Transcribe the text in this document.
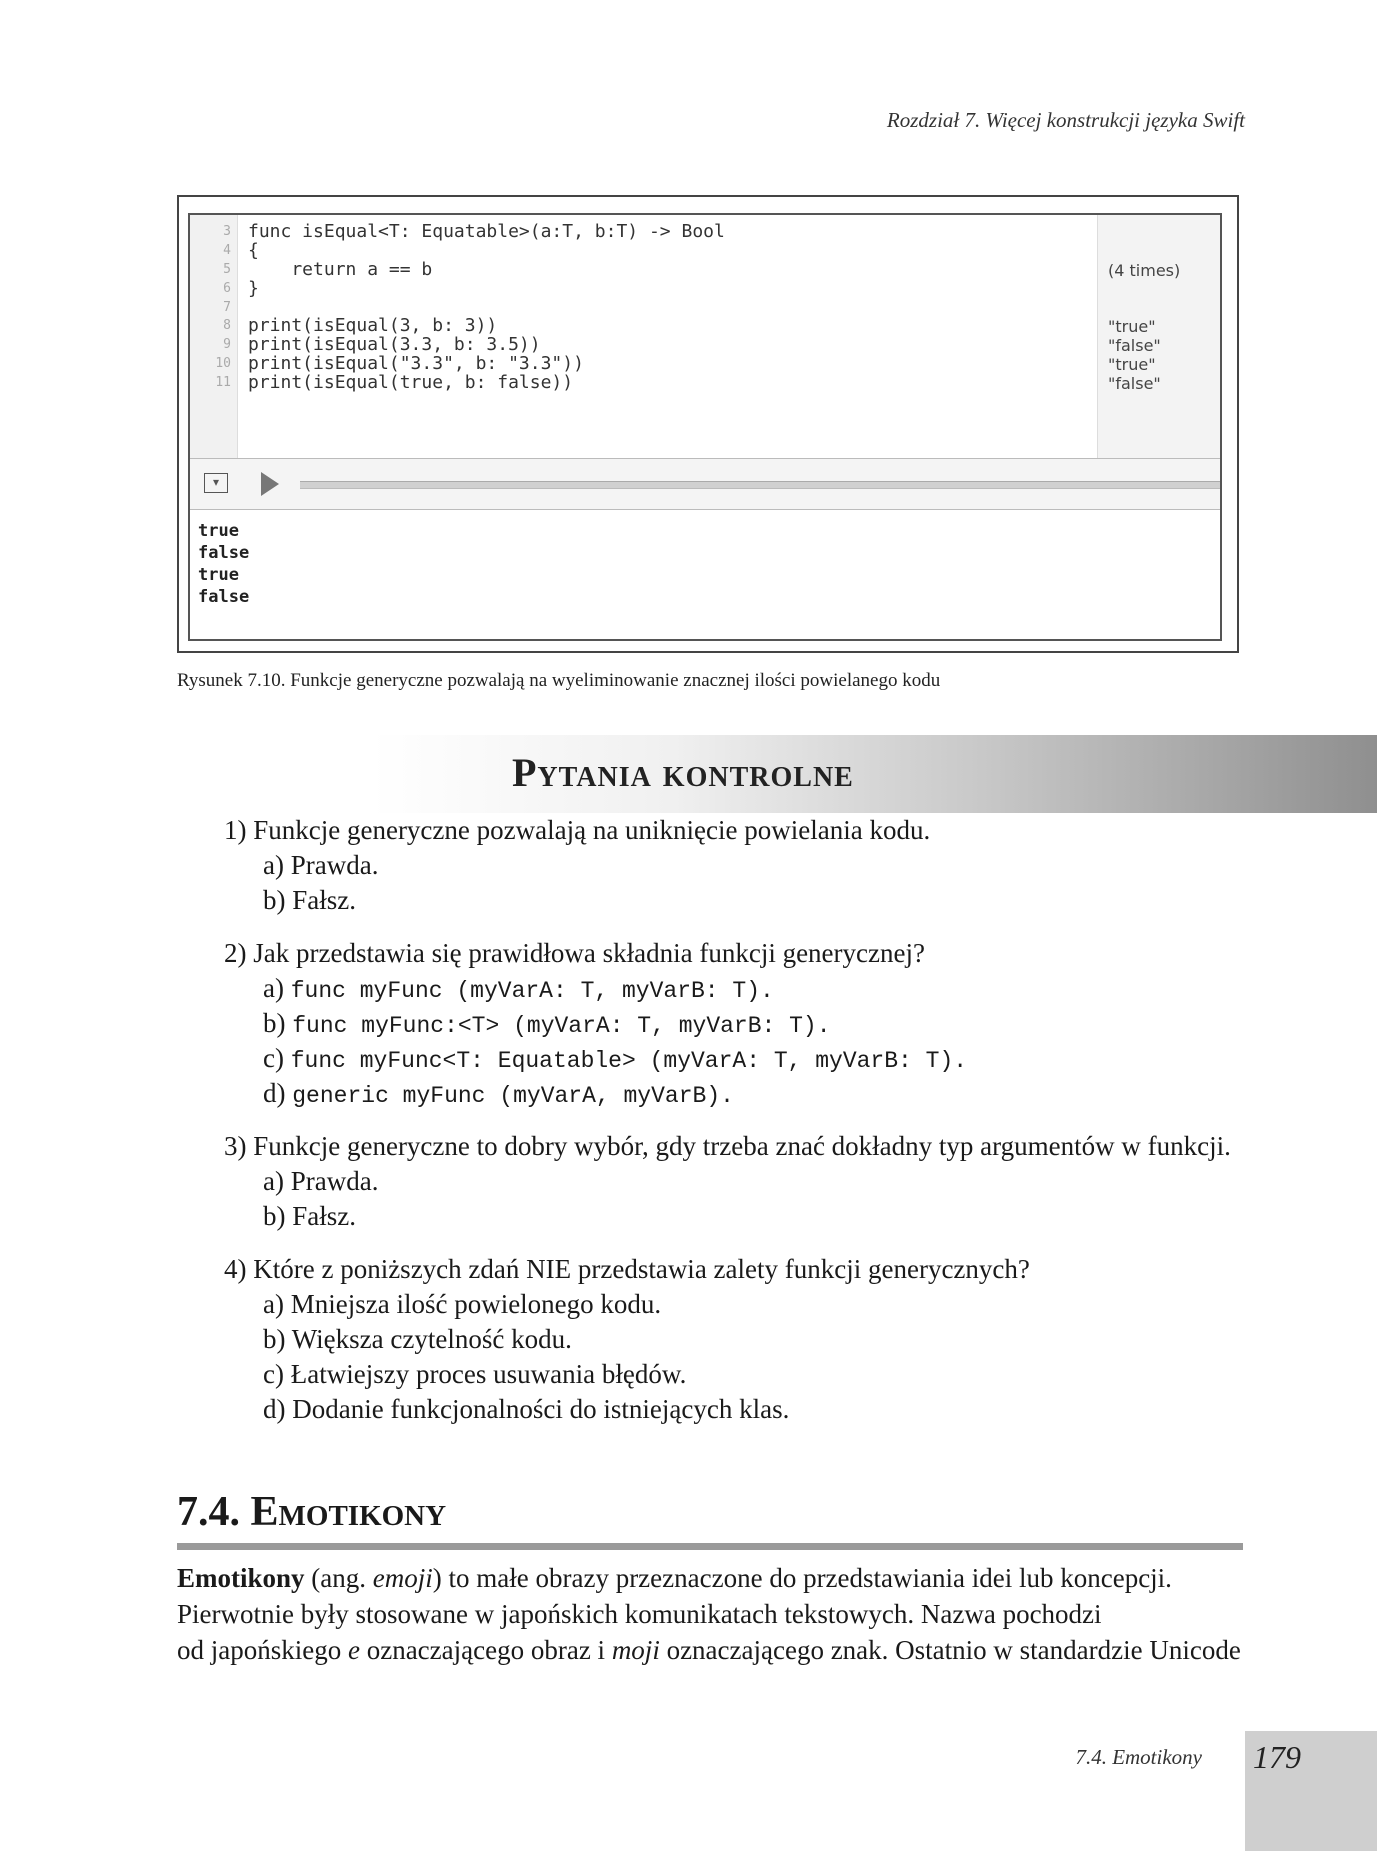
Rozdział 7. Więcej konstrukcji języka Swift
3
4
5
6
7
8
9
10
11
(4 times)
"true"
"false"
"true"
"false"
func isEqual<T: Equatable>(a:T, b:T) -> Bool
{
return a == b
}
print(isEqual(3, b: 3))
print(isEqual(3.3, b: 3.5))
print(isEqual("3.3", b: "3.3"))
print(isEqual(true, b: false))
▾
true
false
true
false
Rysunek 7.10. Funkcje generyczne pozwalają na wyeliminowanie znacznej ilości powielanego kodu
Pytania kontrolne
1) Funkcje generyczne pozwalają na uniknięcie powielania kodu.
a) Prawda.
b) Fałsz.
2) Jak przedstawia się prawidłowa składnia funkcji generycznej?
a) func myFunc (myVarA: T, myVarB: T).
b) func myFunc:<T> (myVarA: T, myVarB: T).
c) func myFunc<T: Equatable> (myVarA: T, myVarB: T).
d) generic myFunc (myVarA, myVarB).
3) Funkcje generyczne to dobry wybór, gdy trzeba znać dokładny typ argumentów w funkcji.
a) Prawda.
b) Fałsz.
4) Które z poniższych zdań NIE przedstawia zalety funkcji generycznych?
a) Mniejsza ilość powielonego kodu.
b) Większa czytelność kodu.
c) Łatwiejszy proces usuwania błędów.
d) Dodanie funkcjonalności do istniejących klas.
7.4. Emotikony
Emotikony (ang. emoji) to małe obrazy przeznaczone do przedstawiania idei lub koncepcji.
Pierwotnie były stosowane w japońskich komunikatach tekstowych. Nazwa pochodzi
od japońskiego e oznaczającego obraz i moji oznaczającego znak. Ostatnio w standardzie Unicode
7.4. Emotikony 179
